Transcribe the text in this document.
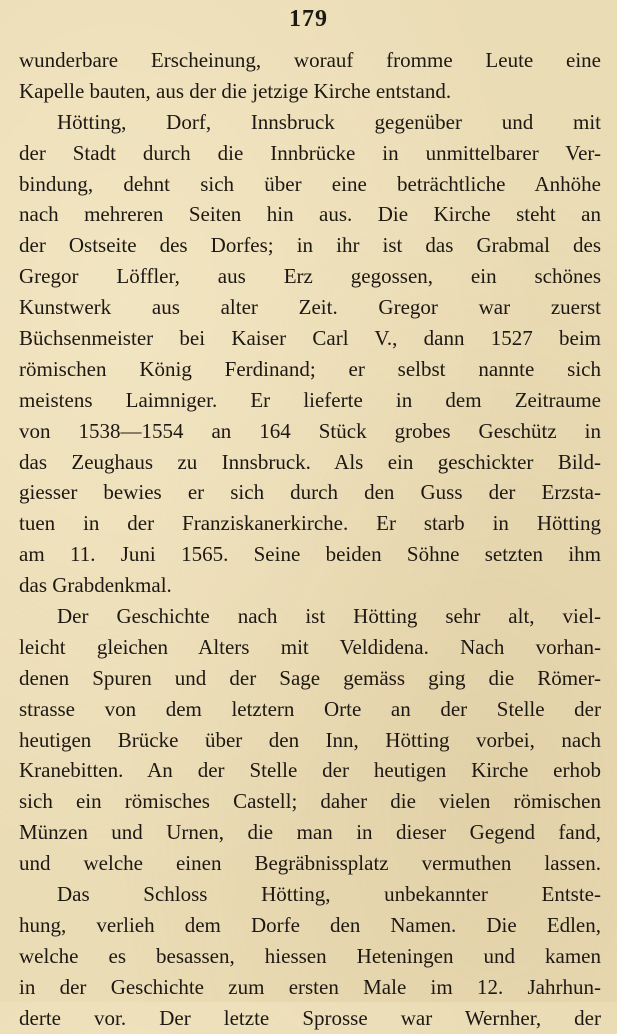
179
wunderbare Erscheinung, worauf fromme Leute eine
Kapelle bauten, aus der die jetzige Kirche entstand.
Hötting, Dorf, Innsbruck gegenüber und mit
der Stadt durch die Innbrücke in unmittelbarer Ver-
bindung, dehnt sich über eine beträchtliche Anhöhe
nach mehreren Seiten hin aus. Die Kirche steht an
der Ostseite des Dorfes; in ihr ist das Grabmal des
Gregor Löffler, aus Erz gegossen, ein schönes
Kunstwerk aus alter Zeit. Gregor war zuerst
Büchsenmeister bei Kaiser Carl V., dann 1527 beim
römischen König Ferdinand; er selbst nannte sich
meistens Laimniger. Er lieferte in dem Zeitraume
von 1538—1554 an 164 Stück grobes Geschütz in
das Zeughaus zu Innsbruck. Als ein geschickter Bild-
giesser bewies er sich durch den Guss der Erzsta-
tuen in der Franziskanerkirche. Er starb in Hötting
am 11. Juni 1565. Seine beiden Söhne setzten ihm
das Grabdenkmal.
Der Geschichte nach ist Hötting sehr alt, viel-
leicht gleichen Alters mit Veldidena. Nach vorhan-
denen Spuren und der Sage gemäss ging die Römer-
strasse von dem letztern Orte an der Stelle der
heutigen Brücke über den Inn, Hötting vorbei, nach
Kranebitten. An der Stelle der heutigen Kirche erhob
sich ein römisches Castell; daher die vielen römischen
Münzen und Urnen, die man in dieser Gegend fand,
und welche einen Begräbnissplatz vermuthen lassen.
Das Schloss Hötting, unbekannter Entste-
hung, verlieh dem Dorfe den Namen. Die Edlen,
welche es besassen, hiessen Heteningen und kamen
in der Geschichte zum ersten Male im 12. Jahrhun-
derte vor. Der letzte Sprosse war Wernher, der
